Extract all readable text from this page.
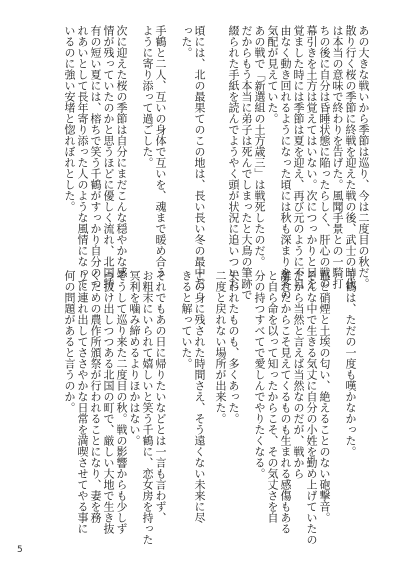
あの大きな戦いから季節は巡り、今は二度目の秋だ。
散り行く桜の季節に終戦を迎えた戦の後、武士の時代
は本当の意味で終わりを告げた。風聞手景との一騎打
ちの後に自分は昏睡状態に陥ったらしく、肝心の戦の
幕引きを土方は覚えてはいない。次につっかりと目を
覚ました時には季節は夏を迎え、再び元のように不自
由なく動き回れるようになった頃には秋も深まりを冬の
気配が見えていた。
あの戦で「新選組の土方歳三」は戦死したのだ。
だからもう本当に弟子は死んでしまったと大鳥の筆跡で
綴られた手紙を読んでようやく頭が状況に追いついた
頃には、北の最果てのこの地は、長い長い冬の最中だ
った。

手鶴と二人、互いの身体で互いを、魂まで暖め合う
ように寄り添って過ごした。

次に迎えた桜の季節は自分にまだこんな穏やかな感
情が残っていたのかと思うほどに優しく流れ、北国特
有の短い夏には、榕ちで笑う千鶴がすっかり自分のつ
れあいとして長年寄り添った人のような風情になって
いるのに強い安堵と惚れぼれとした。

千鶴は、ただの一度も嘆かなかった。

血と硝煙と土埃の匂い、絶えることのない砲撃音。
そんな中で生きる気丈に自分の小姓を勤め上げていたの
だから当然と言えば当然なのだが、戦から
離れたからこそ見えてくるものも生まれる感傷もある
と自ら命を以って知ったからこそ、その気丈さを自
分の持つすべてで愛しんでやりたくなる。

失われたものも、多くあった。
二度と戻れない場所が出来た。
この身に残された時間さえ、そう遠くない未来に尽
きると解っていた。

それでもあの日に帰りたいなどとは一言も言わず、
お粗末にいられて嬉しいと笑う千鶴に、恋女房を持った
冥利を噛み締めるよりほかはない。
そうして巡り来た二度目の秋。戦の影響からも少しず
つ抜け出しつつある北国の町で、厳しい大地で生き抜
くための農作所頒祭が行われることになり、妻を務
りに連れ出してささやかな日常を満喫させてやる事に
何の問題があると言うのか。
5
